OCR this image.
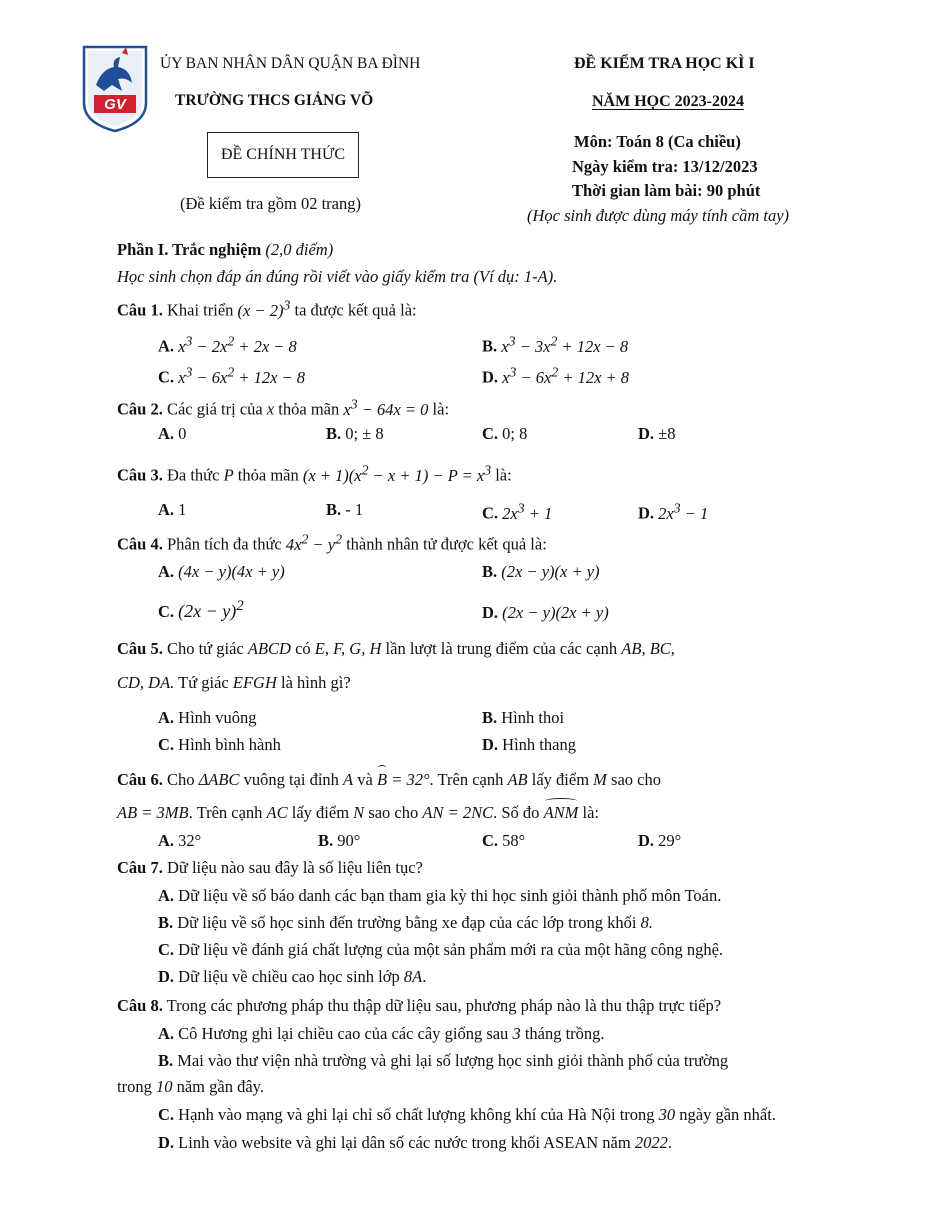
GV
ỦY BAN NHÂN DÂN QUẬN BA ĐÌNH
TRƯỜNG THCS GIẢNG VÕ
ĐỀ CHÍNH THỨC
(Đề kiểm tra gồm 02 trang)
ĐỀ KIỂM TRA HỌC KÌ I
NĂM HỌC 2023-2024
Môn: Toán 8 (Ca chiều)
Ngày kiểm tra: 13/12/2023
Thời gian làm bài: 90 phút
(Học sinh được dùng máy tính cầm tay)
Phần I. Trắc nghiệm (2,0 điểm)
Học sinh chọn đáp án đúng rồi viết vào giấy kiểm tra (Ví dụ: 1-A).
Câu 1. Khai triển $(x - 2)^3$ ta được kết quả là:
A. $x^3 - 2x^2 + 2x - 8$	B. $x^3 - 3x^2 + 12x - 8$
C. $x^3 - 6x^2 + 12x - 8$	D. $x^3 - 6x^2 + 12x + 8$
Câu 2. Các giá trị của x thỏa mãn $x^3 - 64x = 0$ là:
A. 0	B. 0; ± 8	C. 0; 8	D. ±8
Câu 3. Đa thức P thỏa mãn $(x + 1)(x^2 - x + 1) - P = x^3$ là:
A. 1	B. - 1	C. $2x^3 + 1$	D. $2x^3 - 1$
Câu 4. Phân tích đa thức $4x^2 - y^2$ thành nhân tử được kết quả là:
A. (4x − y)(4x + y)	B. (2x − y)(x + y)
C. $(2x - y)^2$	D. (2x − y)(2x + y)
Câu 5. Cho tứ giác ABCD có E, F, G, H lần lượt là trung điểm của các cạnh AB, BC,
CD, DA. Tứ giác EFGH là hình gì?
A. Hình vuông	B. Hình thoi
C. Hình bình hành	D. Hình thang
Câu 6. Cho ΔABC vuông tại đỉnh A và B = 32°. Trên cạnh AB lấy điểm M sao cho
AB = 3MB. Trên cạnh AC lấy điểm N sao cho AN = 2NC. Số đo ANM là:
A. 32°	B. 90°	C. 58°	D. 29°
Câu 7. Dữ liệu nào sau đây là số liệu liên tục?
A. Dữ liệu về số báo danh các bạn tham gia kỳ thi học sinh giỏi thành phố môn Toán.
B. Dữ liệu về số học sinh đến trường bằng xe đạp của các lớp trong khối 8.
C. Dữ liệu về đánh giá chất lượng của một sản phẩm mới ra của một hãng công nghệ.
D. Dữ liệu về chiều cao học sinh lớp 8A.
Câu 8. Trong các phương pháp thu thập dữ liệu sau, phương pháp nào là thu thập trực tiếp?
A. Cô Hương ghi lại chiều cao của các cây giống sau 3 tháng trồng.
B. Mai vào thư viện nhà trường và ghi lại số lượng học sinh giỏi thành phố của trường
trong 10 năm gần đây.
C. Hạnh vào mạng và ghi lại chỉ số chất lượng không khí của Hà Nội trong 30 ngày gần nhất.
D. Linh vào website và ghi lại dân số các nước trong khối ASEAN năm 2022.
